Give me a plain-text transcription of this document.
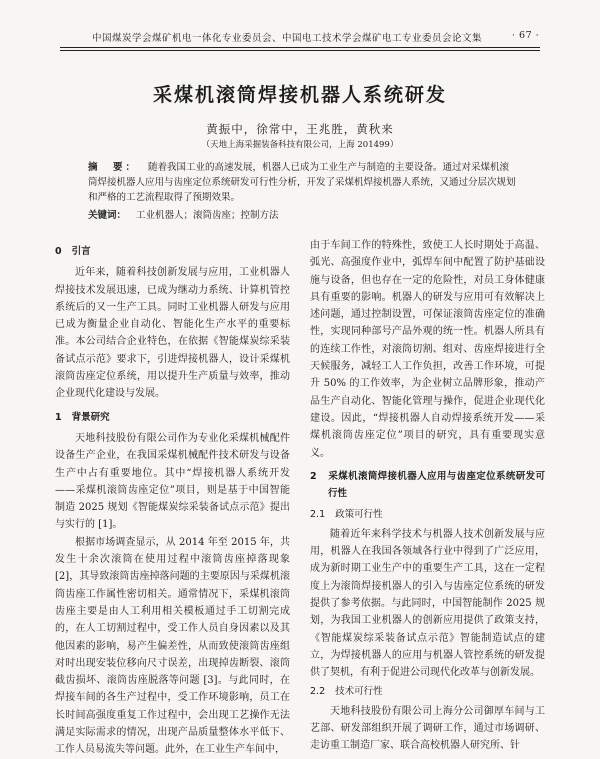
中国煤炭学会煤矿机电一体化专业委员会、中国电工技术学会煤矿电工专业委员会论文集	· 67 ·
采煤机滚筒焊接机器人系统研发
黄振中，徐常中，王兆胜，黄秋来
（天地上海采掘装备科技有限公司，上海 201499）
摘　要： 随着我国工业的高速发展，机器人已成为工业生产与制造的主要设备。通过对采煤机滚筒焊接机器人应用与齿座定位系统研发可行性分析，开发了采煤机焊接机器人系统，又通过分层次规划和严格的工艺流程取得了预期效果。
关键词： 工业机器人；滚筒齿座；控制方法
0 引言

近年来，随着科技创新发展与应用，工业机器人焊接技术发展迅速，已成为继动力系统、计算机管控系统后的又一生产工具。同时工业机器人研发与应用已成为衡量企业自动化、智能化生产水平的重要标准。本公司结合企业特色，在依据《智能煤炭综采装备试点示范》要求下，引进焊接机器人，设计采煤机滚筒齿座定位系统，用以提升生产质量与效率，推动企业现代化建设与发展。

1 背景研究

天地科技股份有限公司作为专业化采煤机械配件设备生产企业，在我国采煤机械配件技术研发与设备生产中占有重要地位。其中“焊接机器人系统开发——采煤机滚筒齿座定位”项目，则是基于中国智能制造 2025 规划《智能煤炭综采装备试点示范》提出与实行的 [1]。

根据市场调查显示，从 2014 年至 2015 年，共发生十余次滚筒在使用过程中滚筒齿座掉落现象 [2]，其导致滚筒齿座掉落问题的主要原因与采煤机滚筒齿座工作属性密切相关。通常情况下，采煤机滚筒齿座主要是由人工利用相关模板通过手工切割完成的，在人工切割过程中，受工作人员自身因素以及其他因素的影响，易产生偏差性，从而致使滚筒齿座组对时出现安装位移向尺寸误差，出现掉齿断裂、滚筒截齿损坏、滚筒齿座脱落等问题 [3]。与此同时，在焊接车间的各生产过程中，受工作环境影响，员工在长时间高强度重复工作过程中，会出现工艺操作无法满足实际需求的情况，出现产品质量整体水平低下、工作人员易流失等问题。此外，在工业生产车间中，

由于车间工作的特殊性，致使工人长时期处于高温、弧光、高强度作业中，弧焊车间中配置了防护基础设施与设备，但也存在一定的危险性，对员工身体健康具有重要的影响。机器人的研发与应用可有效解决上述问题，通过控制设置，可保证滚筒齿座定位的准确性，实现同种部号产品外观的统一性。机器人所具有的连续工作性，对滚筒切割、组对、齿座焊接进行全天候服务，减轻工人工作负担，改善工作环境，可提升 50% 的工作效率，为企业树立品牌形象，推动产品生产自动化、智能化管理与操作，促进企业现代化建设。因此，“焊接机器人自动焊接系统开发——采煤机滚筒齿座定位”项目的研究，具有重要现实意义。

2 采煤机滚筒焊接机器人应用与齿座定位系统研发可行性
2.1 政策可行性

随着近年来科学技术与机器人技术创新发展与应用，机器人在我国各领域各行业中得到了广泛应用，成为新时期工业生产中的重要生产工具，这在一定程度上为滚筒焊接机器人的引入与齿座定位系统的研发提供了参考依据。与此同时，中国智能制作 2025 规划，为我国工业机器人的创新应用提供了政策支持，《智能煤炭综采装备试点示范》智能制造试点的建立，为焊接机器人的应用与机器人管控系统的研发提供了契机，有利于促进公司现代化改革与创新发展。

2.2 技术可行性

天地科技股份有限公司上海分公司御厚车间与工艺部、研发部组织开展了调研工作，通过市场调研、走访重工制造厂家、联合高校机器人研究所、针
